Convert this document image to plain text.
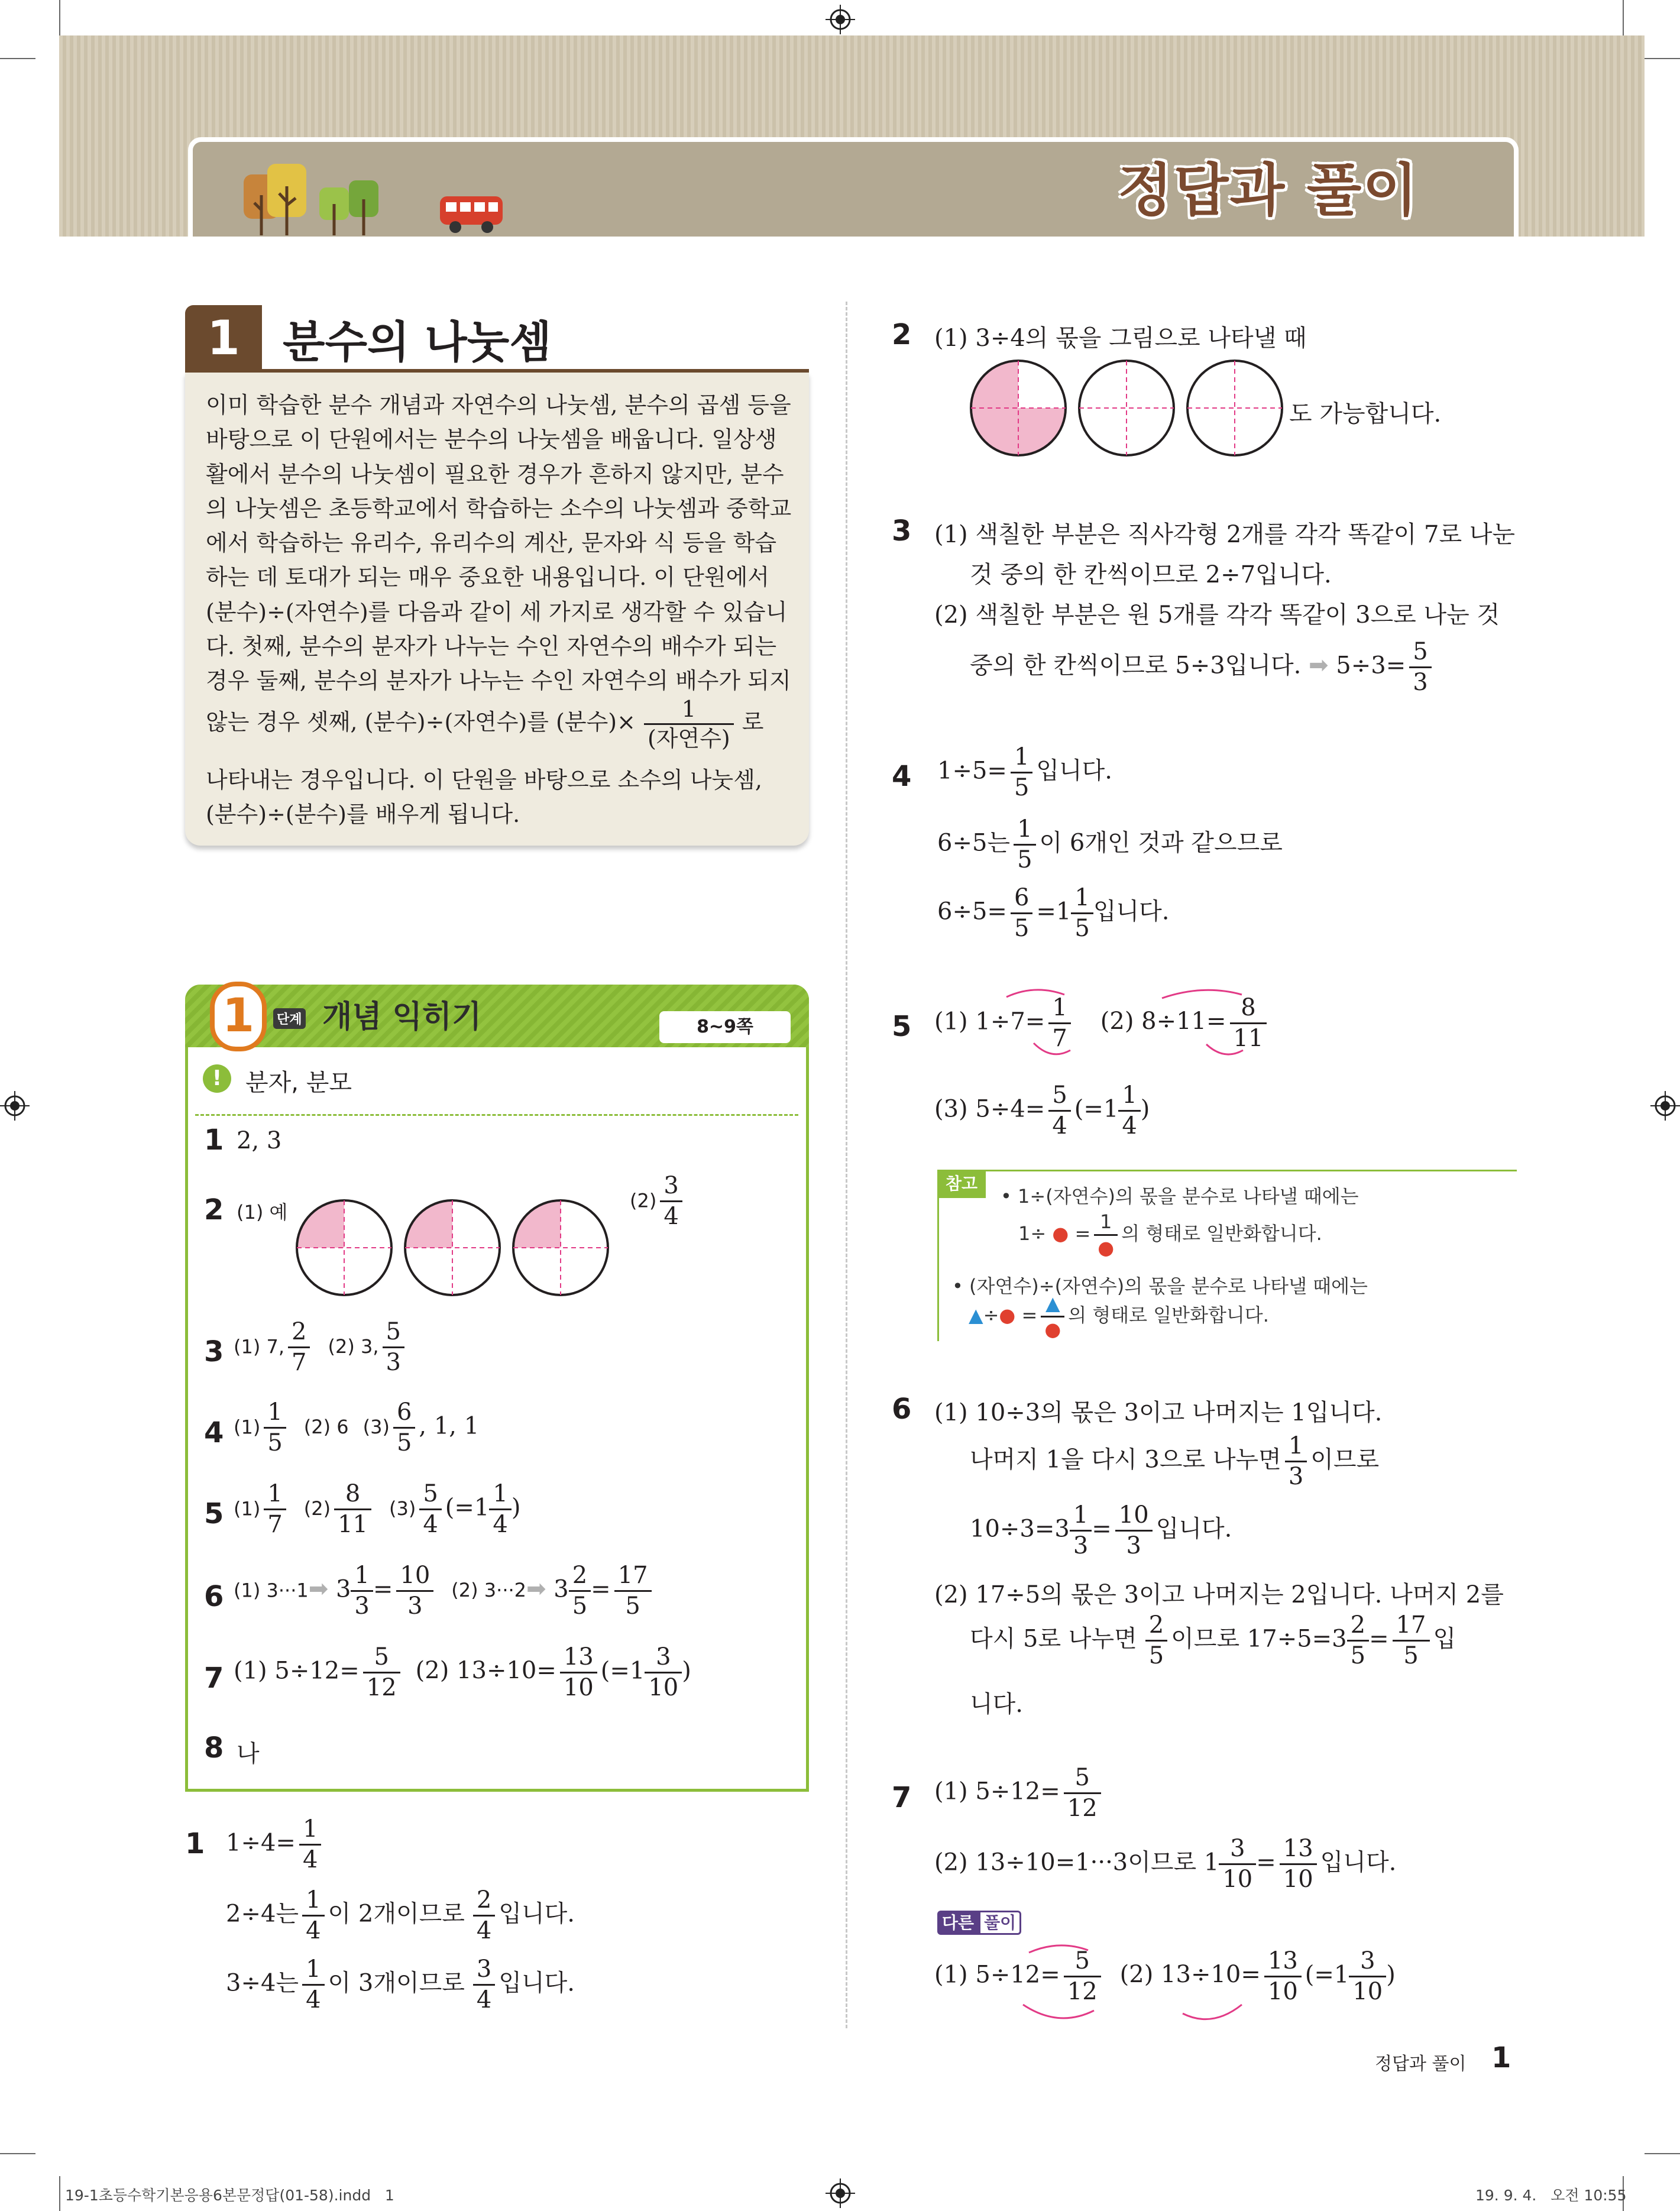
정답과 풀이
1 분수의 나눗셈
이미 학습한 분수 개념과 자연수의 나눗셈, 분수의 곱셈 등을
바탕으로 이 단원에서는 분수의 나눗셈을 배웁니다. 일상생
활에서 분수의 나눗셈이 필요한 경우가 흔하지 않지만, 분수
의 나눗셈은 초등학교에서 학습하는 소수의 나눗셈과 중학교
에서 학습하는 유리수, 유리수의 계산, 문자와 식 등을 학습
하는 데 토대가 되는 매우 중요한 내용입니다. 이 단원에서
(분수)÷(자연수)를 다음과 같이 세 가지로 생각할 수 있습니
다. 첫째, 분수의 분자가 나누는 수인 자연수의 배수가 되는
경우 둘째, 분수의 분자가 나누는 수인 자연수의 배수가 되지
않는 경우 셋째, (분수)÷(자연수)를 (분수)× $\frac{1}{\text{(자연수)}}$ 로
나타내는 경우입니다. 이 단원을 바탕으로 소수의 나눗셈,
(분수)÷(분수)를 배우게 됩니다.
1	단계 개념 익히기	8~9쪽
! 분자, 분모
1 2, 3
2 (1) 예
$(2) \frac{3}{4}$
3 (1) 7, $\frac{2}{7} (2)$ 3, $\frac{5}{3}$
4 $(1) \frac{1}{5} (2)$ 6 $(3) \frac{6}{5}$ , 1, 1
5 $(1) \frac{1}{7} (2) \frac{8}{11} (3) \frac{5}{4} (=1 \frac{1}{4}$ )
6 (1) 3···1➡ $3 \frac{1}{3} = \frac{10}{3} (2)$ 3···2➡ $3 \frac{2}{5} = \frac{17}{5}$
7 (1) $5\div 12= \frac{5}{12} (2)$ $13\div 10= \frac{13}{10} (=1 \frac{3}{10}$ )
8 나
1 $1\div 4= \frac{1}{4}$
2÷4는 $\frac{1}{4}$ 이 2개이므로 $\frac{2}{4}$ 입니다.
3÷4는 $\frac{1}{4}$ 이 3개이므로 $\frac{3}{4}$ 입니다.
2 (1) 3÷4의 몫을 그림으로 나타낼 때
도 가능합니다.
3 (1) 색칠한 부분은 직사각형 2개를 각각 똑같이 7로 나눈
것 중의 한 칸씩이므로 2÷7입니다.
(2) 색칠한 부분은 원 5개를 각각 똑같이 3으로 나눈 것
중의 한 칸씩이므로 5÷3입니다. ➡ $5\div 3= \frac{5}{3}$
4 $1\div 5= \frac{1}{5}$ 입니다.
6÷5는 $\frac{1}{5}$ 이 6개인 것과 같으므로
$6\div 5= \frac{6}{5} =1 \frac{1}{5}$ 입니다.
5 (1) $1\div 7= \frac{1}{7} (2)$ $8\div 11= \frac{8}{11}$
(3) $5\div 4= \frac{5}{4} (=1 \frac{1}{4}$ )
참고
• 1÷(자연수)의 몫을 분수로 나타낼 때에는
1÷ ● = $\frac{1}{●}$ 의 형태로 일반화합니다.
• (자연수)÷(자연수)의 몫을 분수로 나타낼 때에는
▲÷● = $\frac{▲}{●}$ 의 형태로 일반화합니다.
6 (1) 10÷3의 몫은 3이고 나머지는 1입니다.
나머지 1을 다시 3으로 나누면 $\frac{1}{3}$ 이므로
$10\div 3=3 \frac{1}{3} = \frac{10}{3}$ 입니다.
(2) 17÷5의 몫은 3이고 나머지는 2입니다. 나머지 2를
다시 5로 나누면 $\frac{2}{5}$ 이므로 $17\div 5=3 \frac{2}{5} = \frac{17}{5}$ 입
니다.
7 (1) $5\div 12= \frac{5}{12}$
(2) 13÷10=1···3이므로 $1 \frac{3}{10} = \frac{13}{10}$ 입니다.
다른 풀이
(1) $5\div 12= \frac{5}{12} (2)$ $13\div 10= \frac{13}{10} (=1 \frac{3}{10}$ )
정답과 풀이 1
19-1초등수학기본응용6본문정답(01-58).indd   1	19. 9. 4.   오전 10:55
